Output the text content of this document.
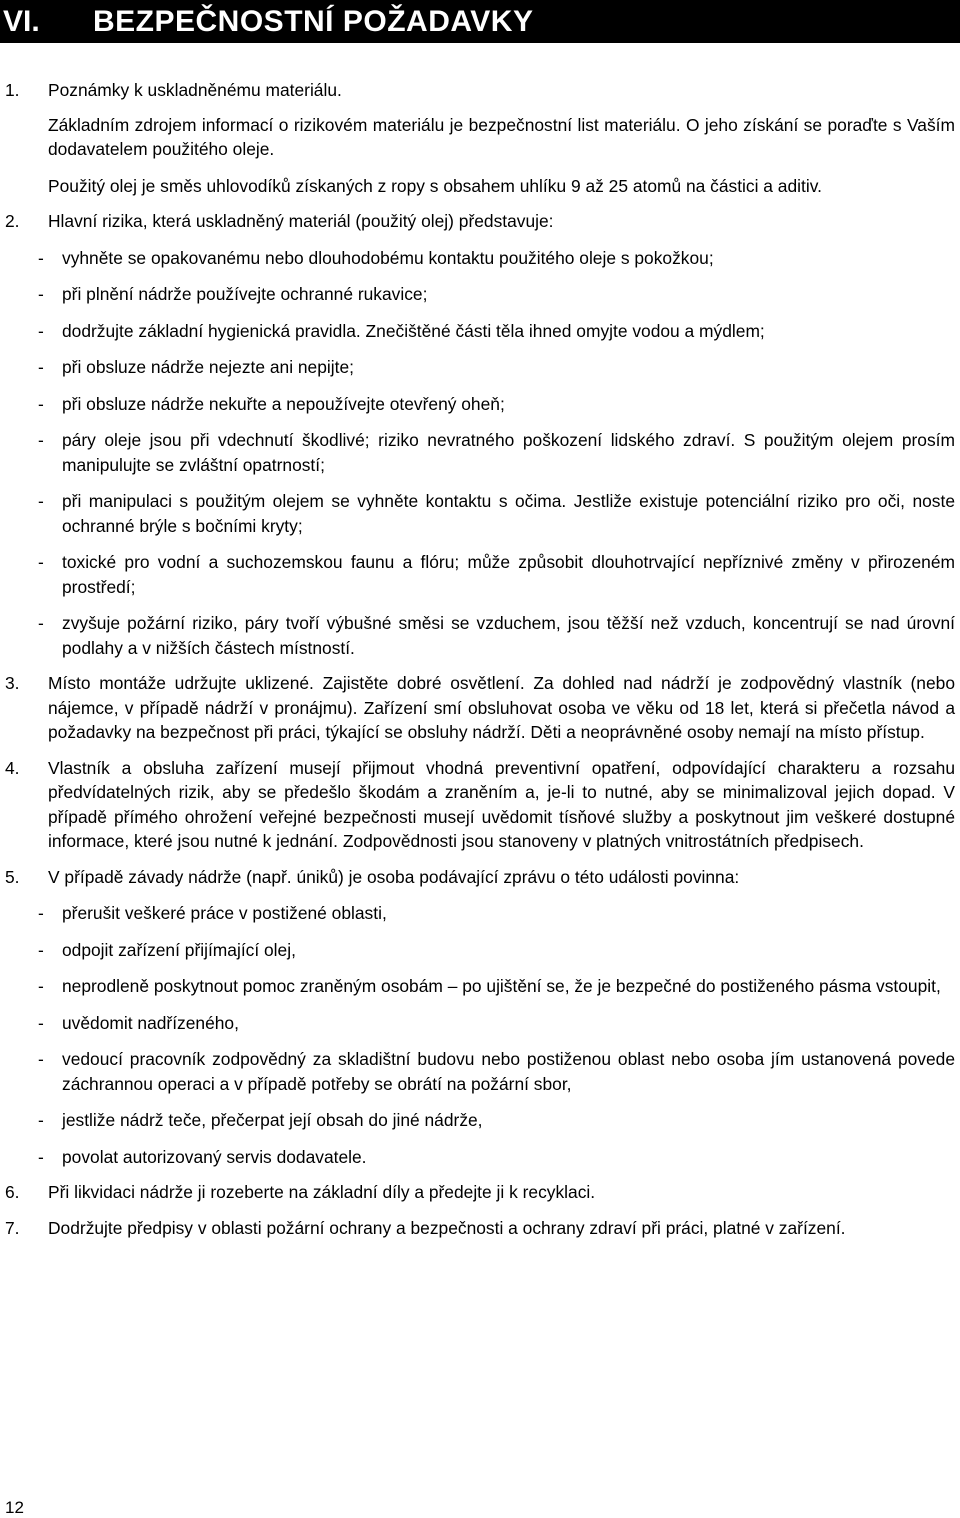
VI. BEZPEČNOSTNÍ POŽADAVKY
1. Poznámky k uskladněnému materiálu.

Základním zdrojem informací o rizikovém materiálu je bezpečnostní list materiálu. O jeho získání se poraďte s Vaším dodavatelem použitého oleje.

Použitý olej je směs uhlovodíků získaných z ropy s obsahem uhlíku 9 až 25 atomů na částici a aditiv.

2. Hlavní rizika, která uskladněný materiál (použitý olej) představuje:

- vyhněte se opakovanému nebo dlouhodobému kontaktu použitého oleje s pokožkou;

- při plnění nádrže používejte ochranné rukavice;

- dodržujte základní hygienická pravidla. Znečištěné části těla ihned omyjte vodou a mýdlem;

- při obsluze nádrže nejezte ani nepijte;

- při obsluze nádrže nekuřte a nepoužívejte otevřený oheň;

- páry oleje jsou při vdechnutí škodlivé; riziko nevratného poškození lidského zdraví. S použitým olejem prosím manipulujte se zvláštní opatrností;

- při manipulaci s použitým olejem se vyhněte kontaktu s očima. Jestliže existuje potenciální riziko pro oči, noste ochranné brýle s bočními kryty;

- toxické pro vodní a suchozemskou faunu a flóru; může způsobit dlouhotrvající nepříznivé změny v přirozeném prostředí;

- zvyšuje požární riziko, páry tvoří výbušné směsi se vzduchem, jsou těžší než vzduch, koncentrují se nad úrovní podlahy a v nižších částech místností.

3. Místo montáže udržujte uklizené. Zajistěte dobré osvětlení. Za dohled nad nádrží je zodpovědný vlastník (nebo nájemce, v případě nádrží v pronájmu). Zařízení smí obsluhovat osoba ve věku od 18 let, která si přečetla návod a požadavky na bezpečnost při práci, týkající se obsluhy nádrží. Děti a neoprávněné osoby nemají na místo přístup.

4. Vlastník a obsluha zařízení musejí přijmout vhodná preventivní opatření, odpovídající charakteru a rozsahu předvídatelných rizik, aby se předešlo škodám a zraněním a, je-li to nutné, aby se minimalizoval jejich dopad. V případě přímého ohrožení veřejné bezpečnosti musejí uvědomit tísňové služby a poskytnout jim veškeré dostupné informace, které jsou nutné k jednání. Zodpovědnosti jsou stanoveny v platných vnitrostátních předpisech.

5. V případě závady nádrže (např. úniků) je osoba podávající zprávu o této události povinna:

- přerušit veškeré práce v postižené oblasti,

- odpojit zařízení přijímající olej,

- neprodleně poskytnout pomoc zraněným osobám – po ujištění se, že je bezpečné do postiženého pásma vstoupit,

- uvědomit nadřízeného,

- vedoucí pracovník zodpovědný za skladištní budovu nebo postiženou oblast nebo osoba jím ustanovená povede záchrannou operaci a v případě potřeby se obrátí na požární sbor,

- jestliže nádrž teče, přečerpat její obsah do jiné nádrže,

- povolat autorizovaný servis dodavatele.

6. Při likvidaci nádrže ji rozeberte na základní díly a předejte ji k recyklaci.

7. Dodržujte předpisy v oblasti požární ochrany a bezpečnosti a ochrany zdraví při práci, platné v zařízení.

12
